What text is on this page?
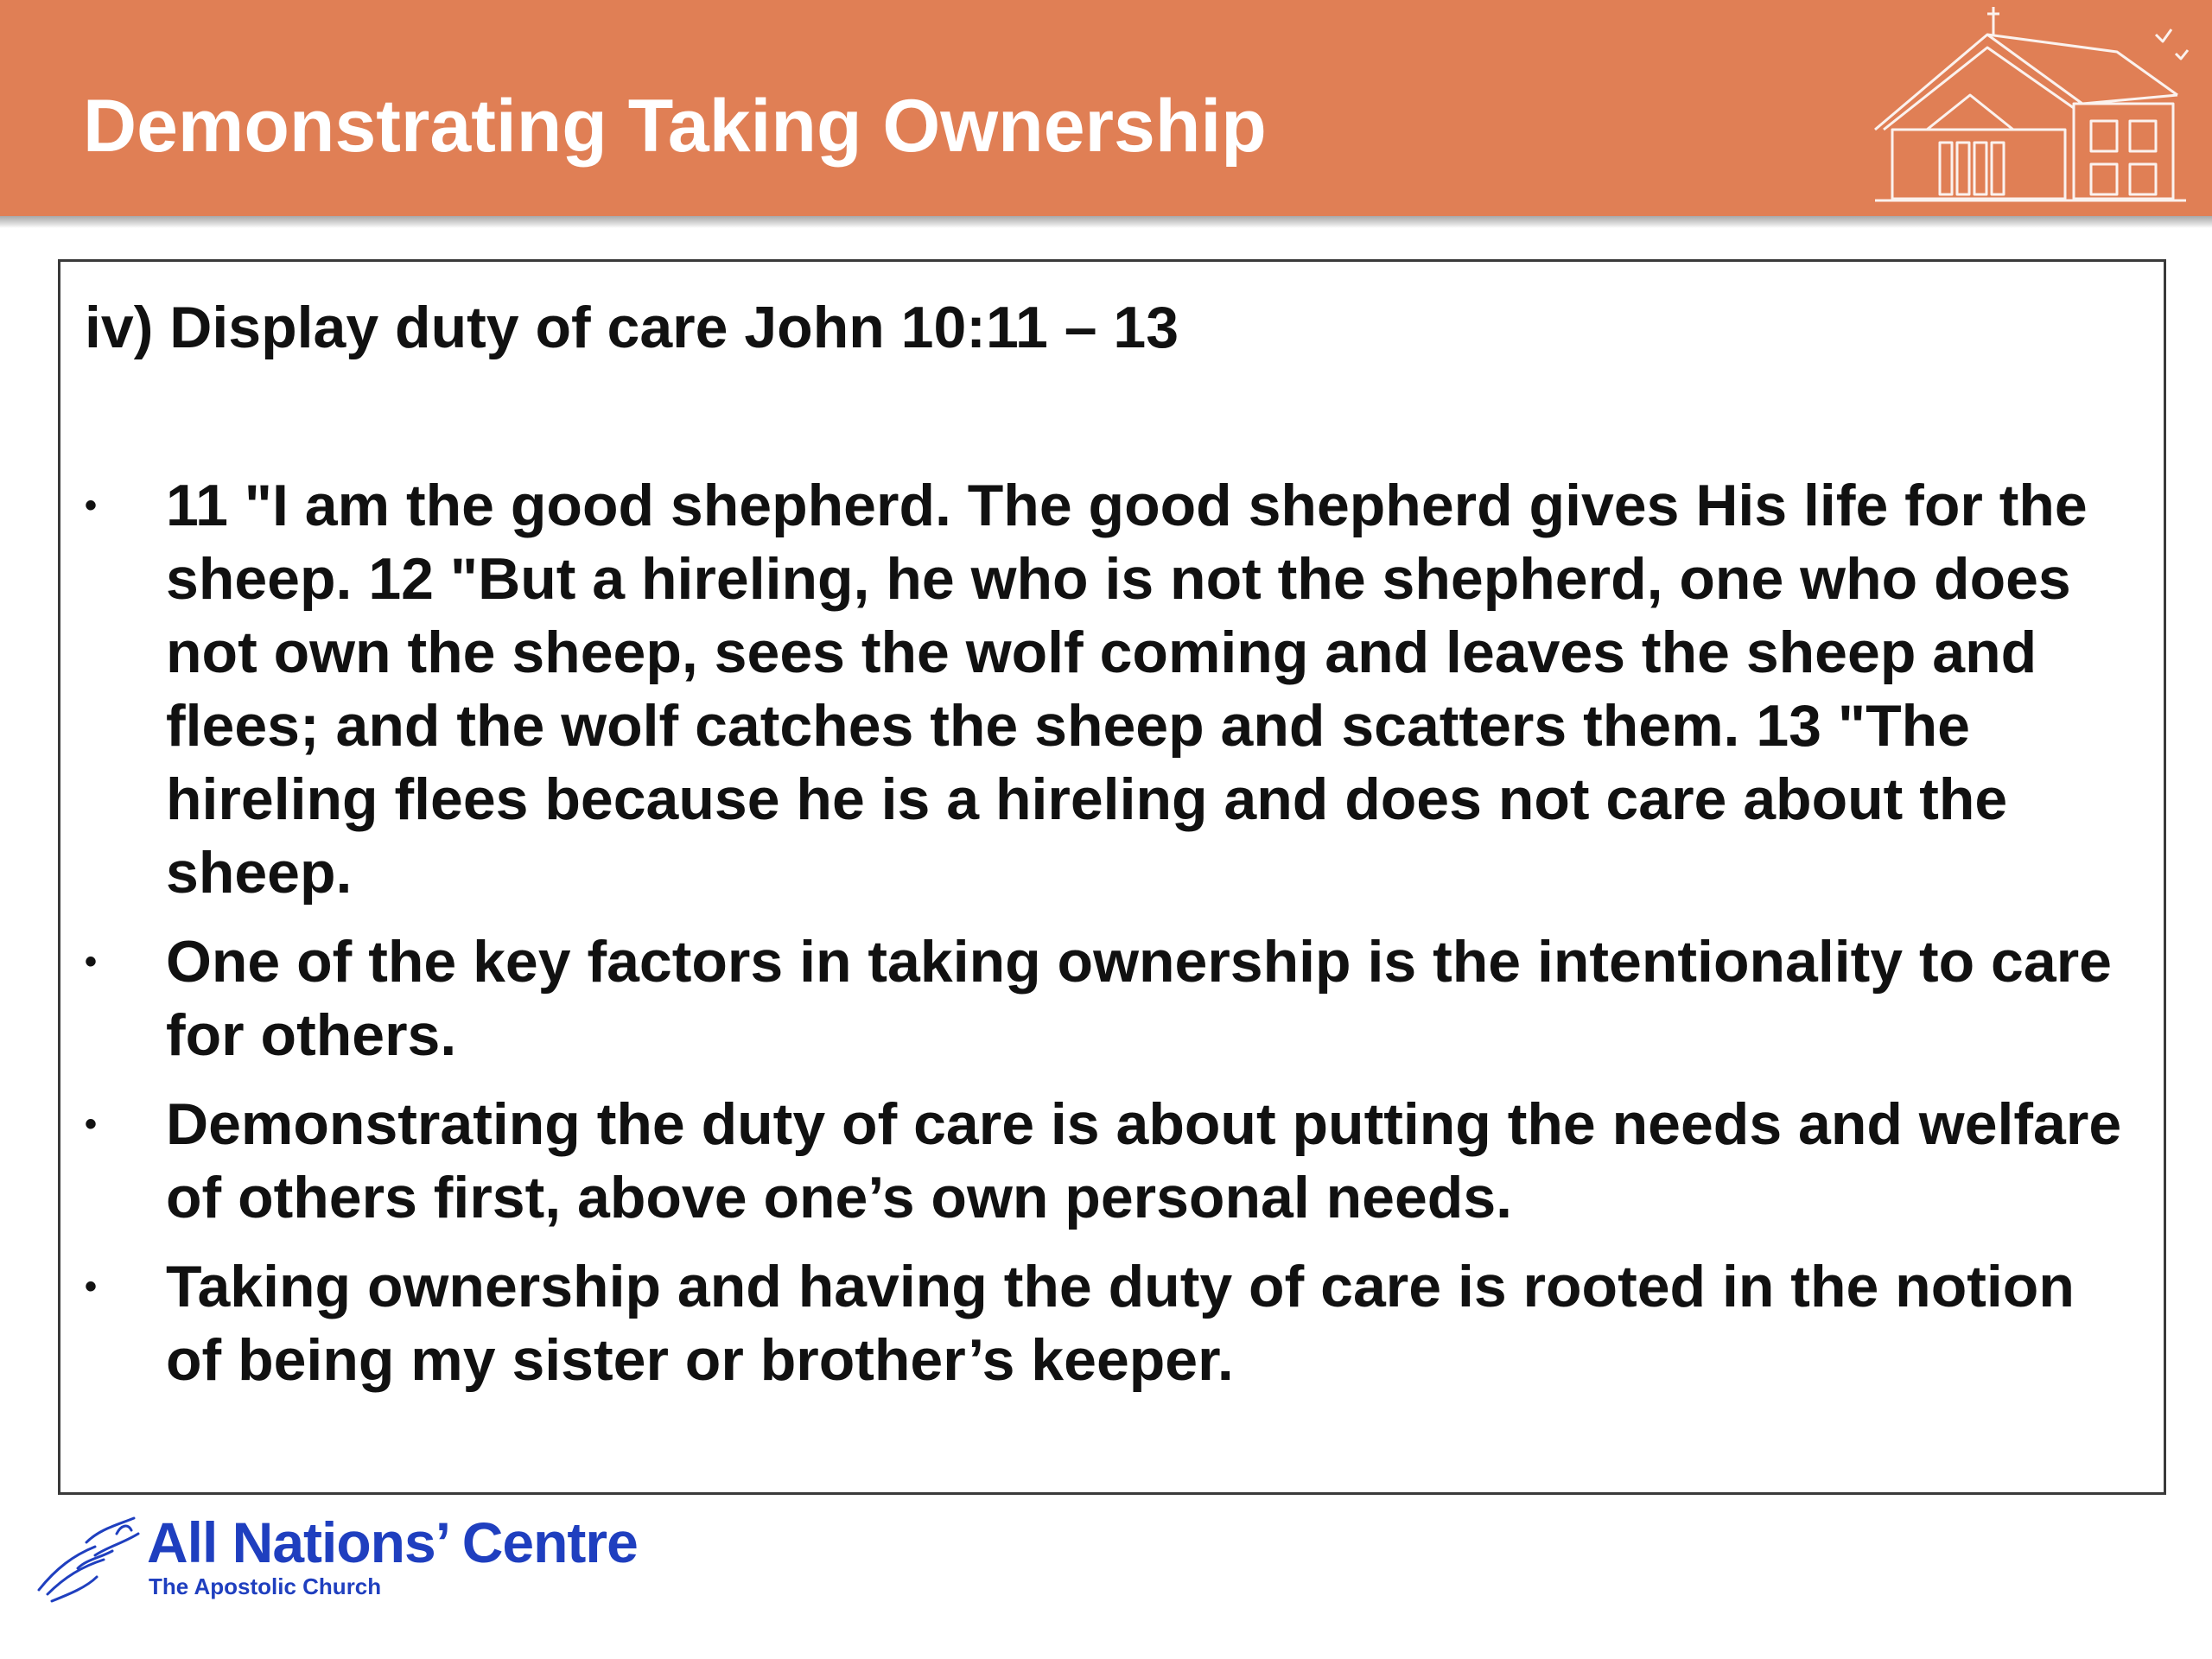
Demonstrating Taking Ownership
iv) Display duty of care John 10:11 – 13
• 11 "I am the good shepherd. The good shepherd gives His life for the sheep. 12 "But a hireling, he who is not the shepherd, one who does not own the sheep, sees the wolf coming and leaves the sheep and flees; and the wolf catches the sheep and scatters them. 13 "The hireling flees because he is a hireling and does not care about the sheep.
• One of the key factors in taking ownership is the intentionality to care for others.
• Demonstrating the duty of care is about putting the needs and welfare of others first, above one’s own personal needs.
• Taking ownership and having the duty of care is rooted in the notion of being my sister or brother’s keeper.
All Nations’ Centre
The Apostolic Church
